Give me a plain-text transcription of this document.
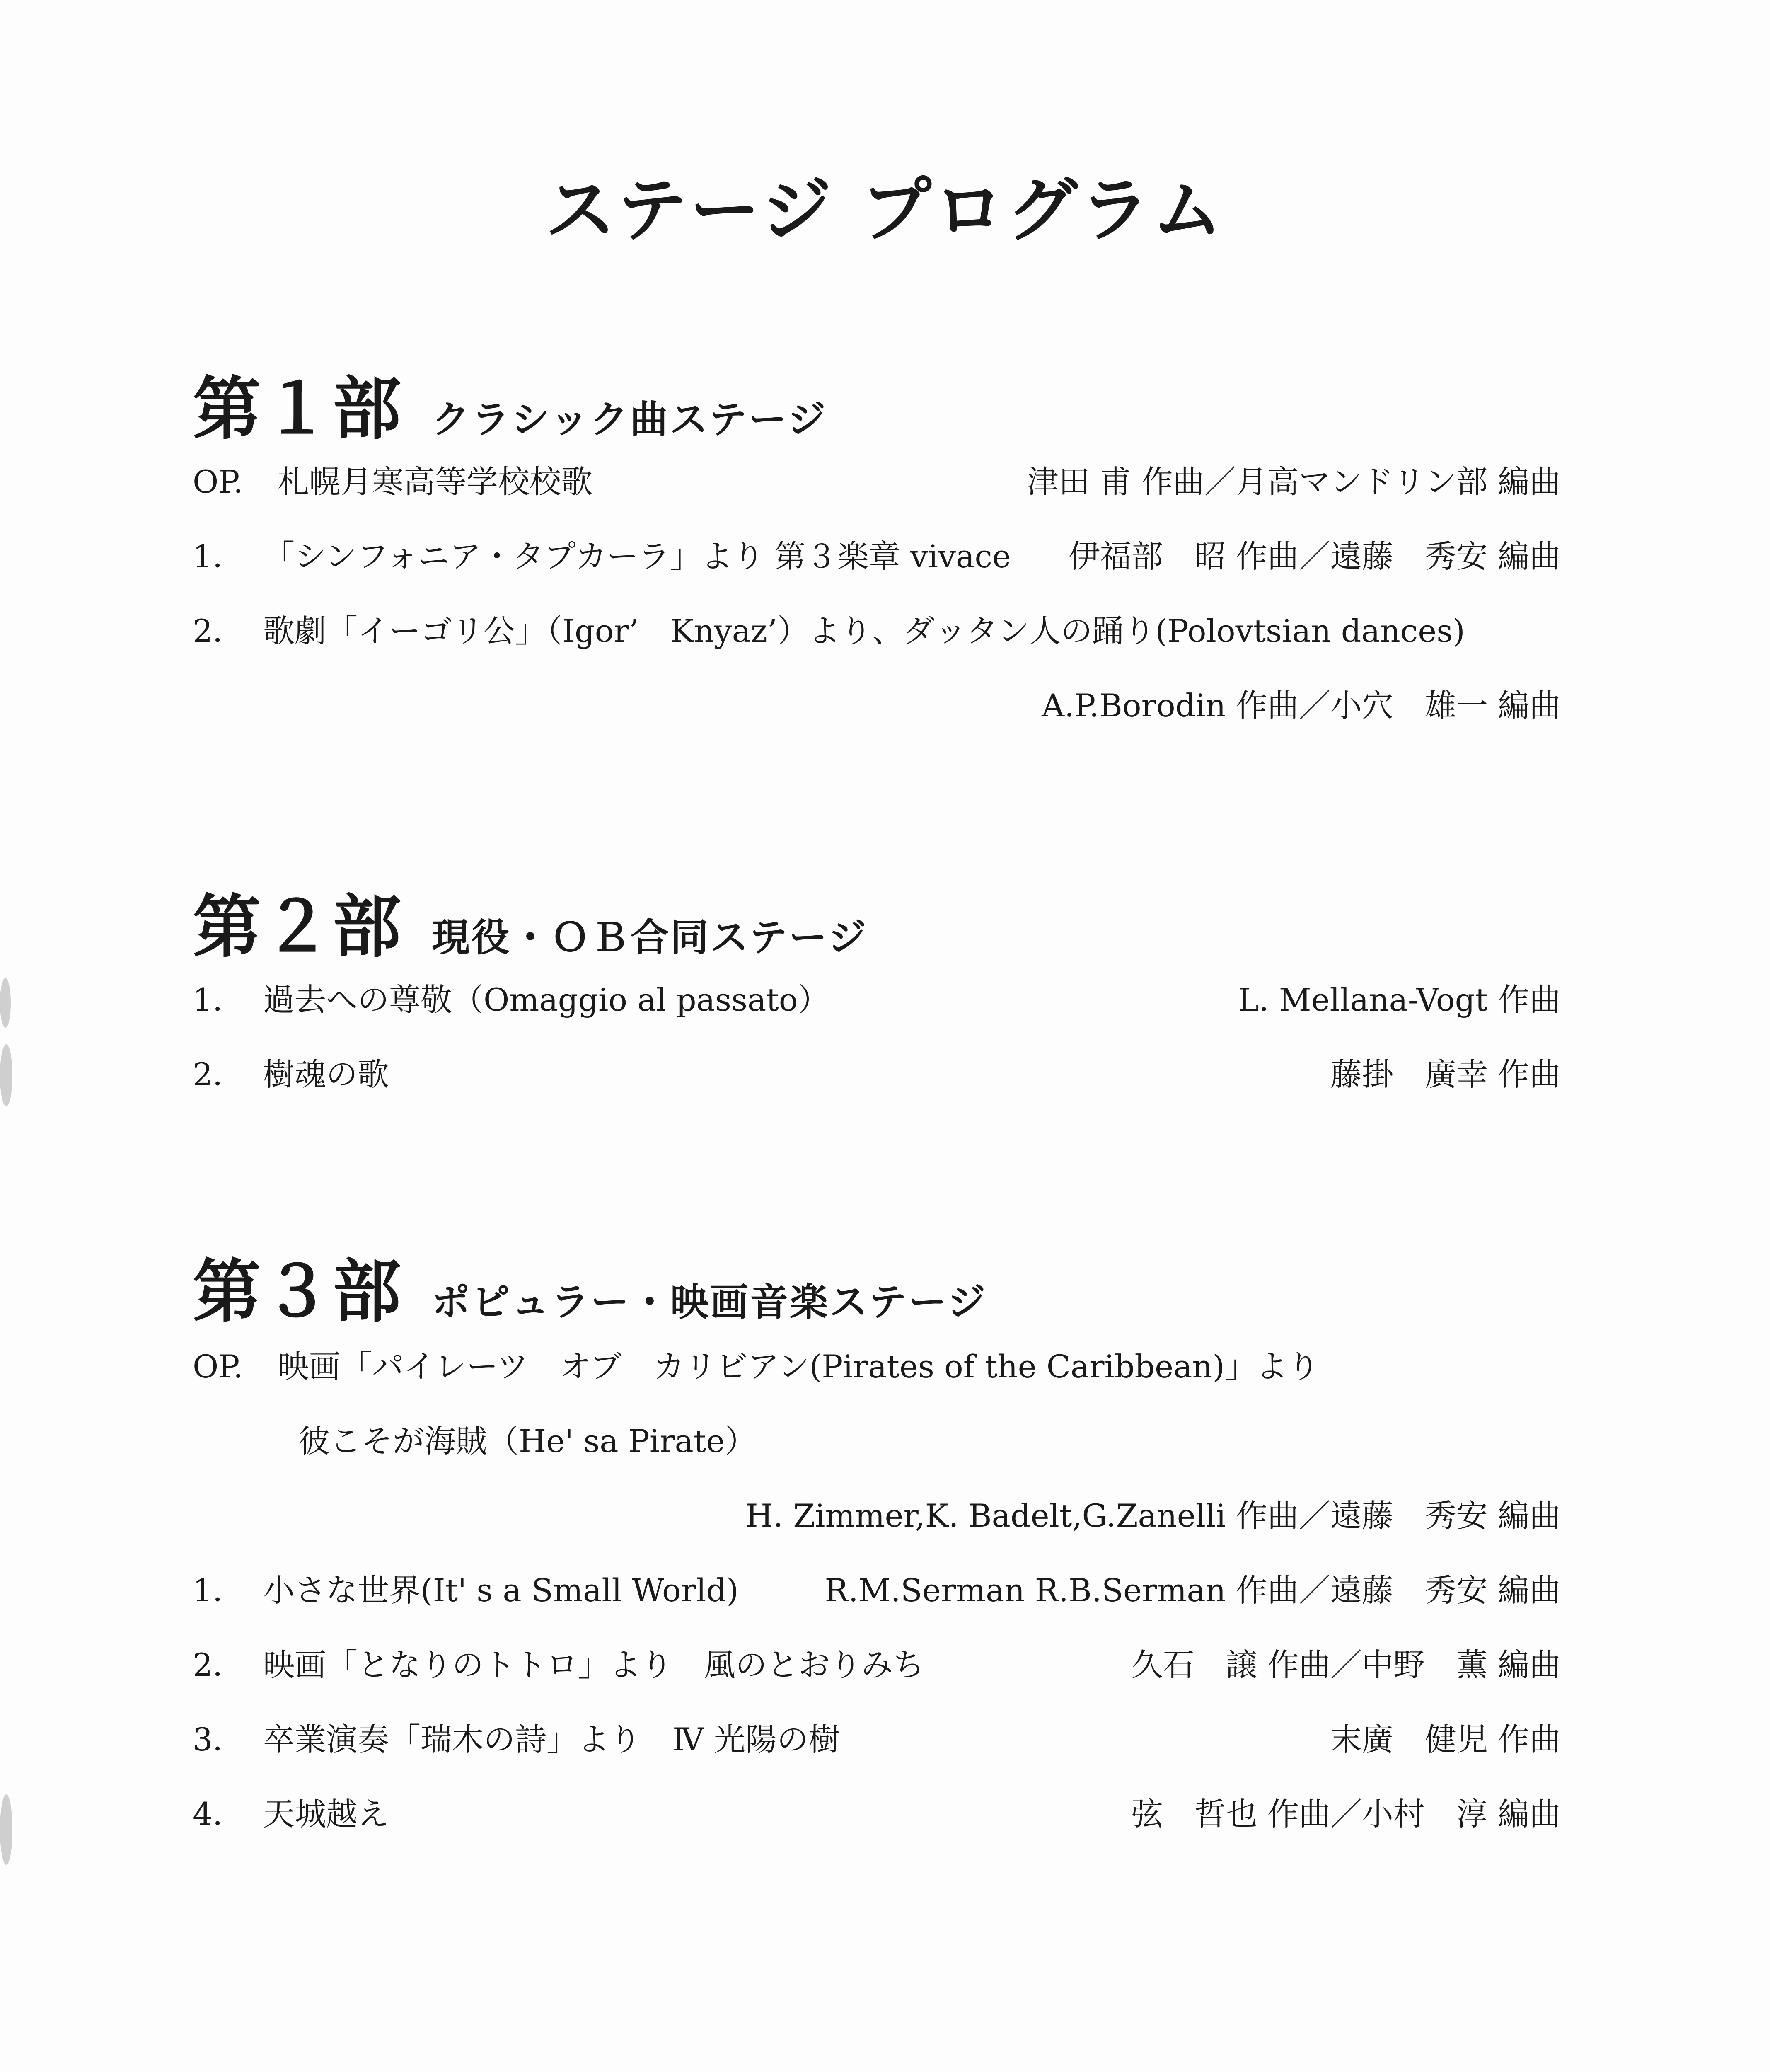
ステージ プログラム
第１部 クラシック曲ステージ
OP. 札幌月寒高等学校校歌	津田 甫 作曲／月高マンドリン部 編曲
1． 「シンフォニア・タプカーラ」より 第３楽章 vivace 伊福部　昭 作曲／遠藤　秀安 編曲
2． 歌劇「イーゴリ公」（Igor’　Knyaz’）より、ダッタン人の踊り(Polovtsian dances)
A.P.Borodin 作曲／小穴　雄一 編曲
第２部 現役・ＯＢ合同ステージ
1． 過去への尊敬（Omaggio al passato）	L. Mellana-Vogt 作曲
2． 樹魂の歌	藤掛　廣幸 作曲
第３部 ポピュラー・映画音楽ステージ
OP. 映画「パイレーツ　オブ　カリビアン(Pirates of the Caribbean)」より
彼こそが海賊（He' sa Pirate）
H. Zimmer,K. Badelt,G.Zanelli 作曲／遠藤　秀安 編曲
1． 小さな世界(It' s a Small World)	R.M.Serman R.B.Serman 作曲／遠藤　秀安 編曲
2． 映画「となりのトトロ」より　風のとおりみち	久石　譲 作曲／中野　薫 編曲
3． 卒業演奏「瑞木の詩」より　Ⅳ 光陽の樹	末廣　健児 作曲
4． 天城越え	弦　哲也 作曲／小村　淳 編曲
